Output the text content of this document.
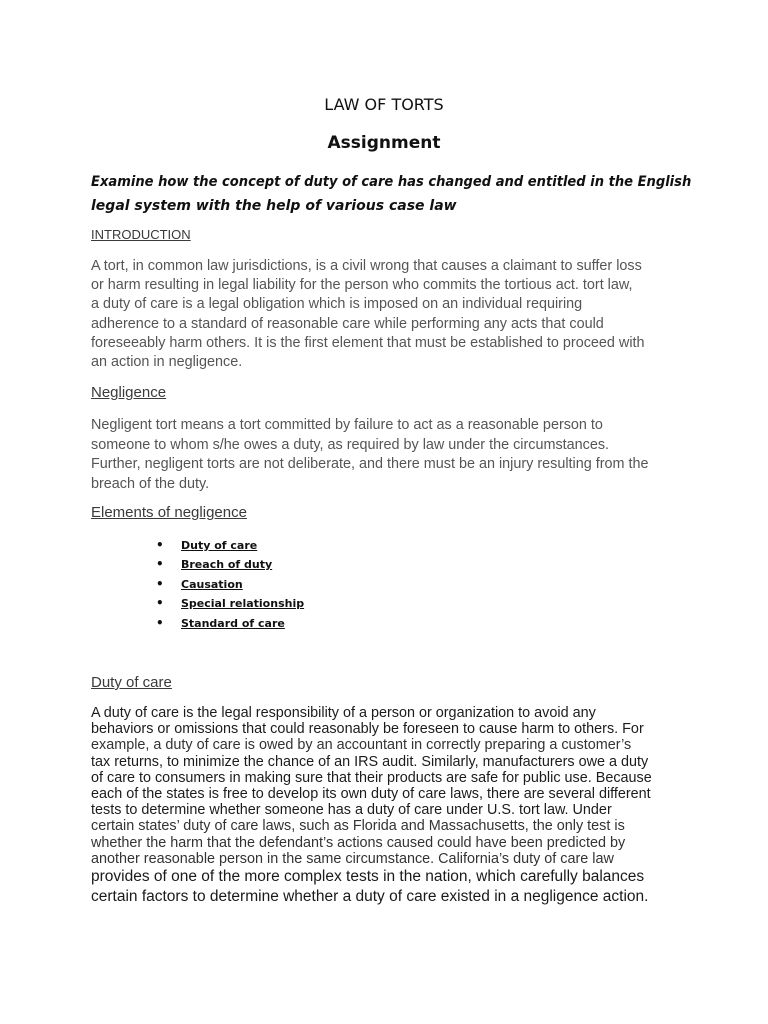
LAW OF TORTS
Assignment
Examine how the concept of duty of care has changed and entitled in the English
legal system with the help of various case law
INTRODUCTION
A tort, in common law jurisdictions, is a civil wrong that causes a claimant to suffer loss
or harm resulting in legal liability for the person who commits the tortious act. tort law,
a duty of care is a legal obligation which is imposed on an individual requiring
adherence to a standard of reasonable care while performing any acts that could
foreseeably harm others. It is the first element that must be established to proceed with
an action in negligence.
Negligence
Negligent tort means a tort committed by failure to act as a reasonable person to
someone to whom s/he owes a duty, as required by law under the circumstances.
Further, negligent torts are not deliberate, and there must be an injury resulting from the
breach of the duty.
Elements of negligence
• Duty of care
• Breach of duty
• Causation
• Special relationship
• Standard of care
Duty of care
A duty of care is the legal responsibility of a person or organization to avoid any
behaviors or omissions that could reasonably be foreseen to cause harm to others. For
example, a duty of care is owed by an accountant in correctly preparing a customer’s
tax returns, to minimize the chance of an IRS audit. Similarly, manufacturers owe a duty
of care to consumers in making sure that their products are safe for public use. Because
each of the states is free to develop its own duty of care laws, there are several different
tests to determine whether someone has a duty of care under U.S. tort law. Under
certain states’ duty of care laws, such as Florida and Massachusetts, the only test is
whether the harm that the defendant’s actions caused could have been predicted by
another reasonable person in the same circumstance. California’s duty of care law
provides of one of the more complex tests in the nation, which carefully balances
certain factors to determine whether a duty of care existed in a negligence action.
